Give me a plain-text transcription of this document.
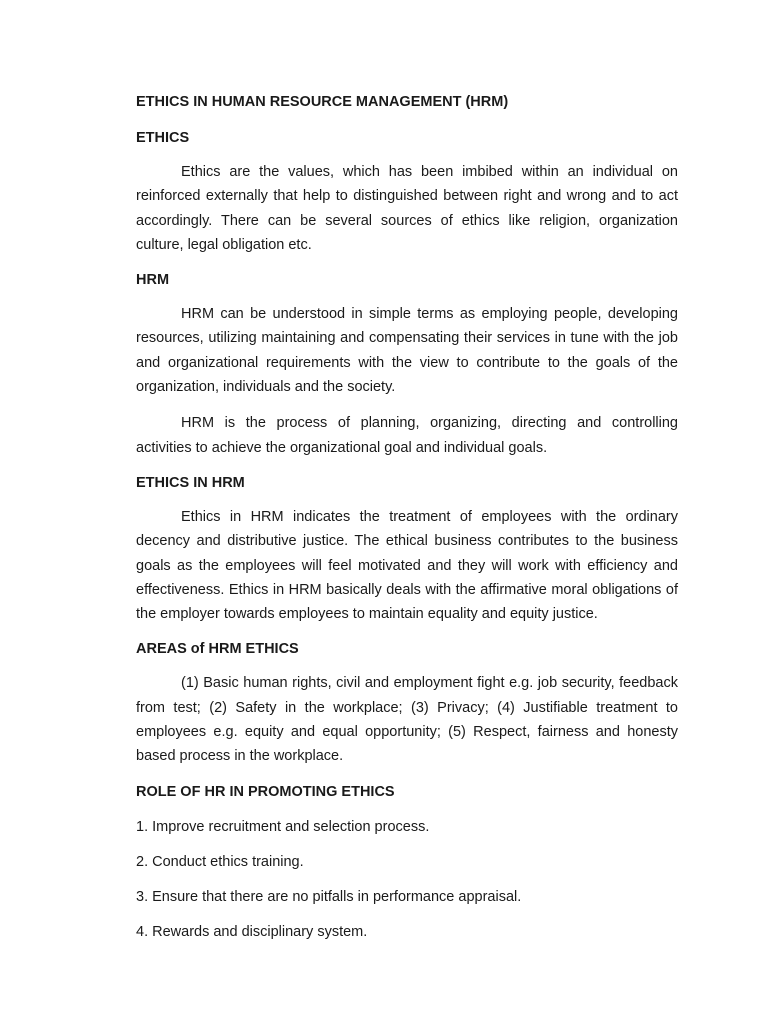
ETHICS IN HUMAN RESOURCE MANAGEMENT (HRM)
ETHICS

Ethics are the values, which has been imbibed within an individual on reinforced externally that help to distinguished between right and wrong and to act accordingly. There can be several sources of ethics like religion, organization culture, legal obligation etc.

HRM

HRM can be understood in simple terms as employing people, developing resources, utilizing maintaining and compensating their services in tune with the job and organizational requirements with the view to contribute to the goals of the organization, individuals and the society.

HRM is the process of planning, organizing, directing and controlling activities to achieve the organizational goal and individual goals.

ETHICS IN HRM

Ethics in HRM indicates the treatment of employees with the ordinary decency and distributive justice. The ethical business contributes to the business goals as the employees will feel motivated and they will work with efficiency and effectiveness. Ethics in HRM basically deals with the affirmative moral obligations of the employer towards employees to maintain equality and equity justice.

AREAS of HRM ETHICS

(1) Basic human rights, civil and employment fight e.g. job security, feedback from test; (2) Safety in the workplace; (3) Privacy; (4) Justifiable treatment to employees e.g. equity and equal opportunity; (5) Respect, fairness and honesty based process in the workplace.

ROLE OF HR IN PROMOTING ETHICS
1. Improve recruitment and selection process.
2. Conduct ethics training.
3. Ensure that there are no pitfalls in performance appraisal.
4. Rewards and disciplinary system.
